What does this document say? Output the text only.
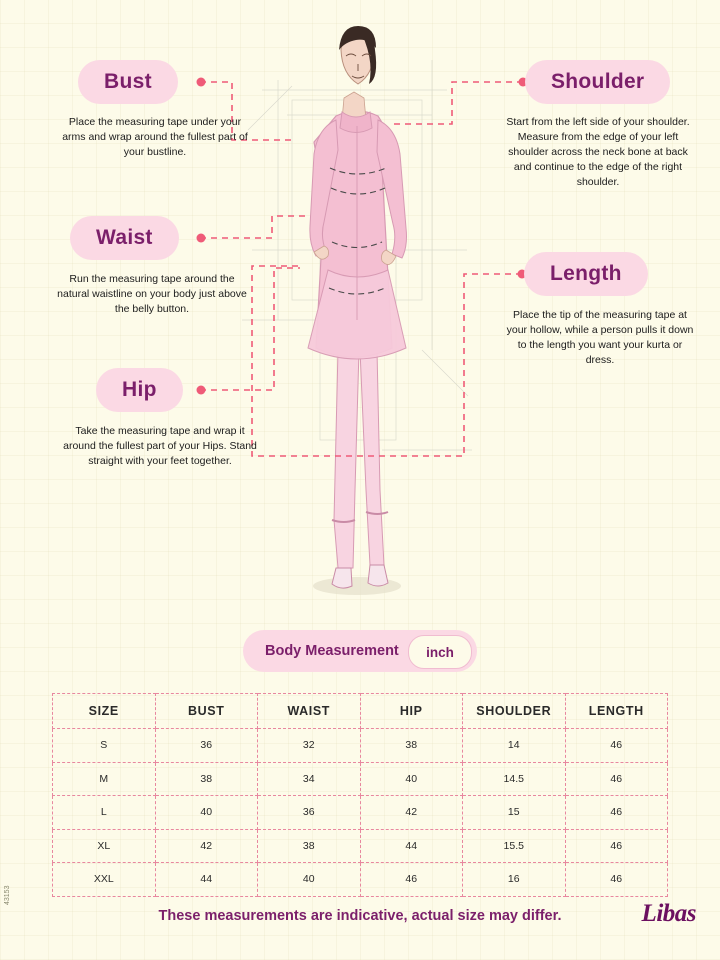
Bust
Place the measuring tape under your arms and wrap around the fullest part of your bustline.
Shoulder
Start from the left side of your shoulder. Measure from the edge of your left shoulder across the neck bone at back and continue to the edge of the right shoulder.
Waist
Run the measuring tape around the natural waistline on your body just above the belly button.
Length
Place the tip of the measuring tape at your hollow, while a person pulls it down to the length you want your kurta or dress.
Hip
Take the measuring tape and wrap it around the fullest part of your Hips. Stand straight with your feet together.
Body Measurement	inch
SIZE	BUST	WAIST	HIP	SHOULDER	LENGTH
S	36	32	38	14	46
M	38	34	40	14.5	46
L	40	36	42	15	46
XL	42	38	44	15.5	46
XXL	44	40	46	16	46
These measurements are indicative, actual size may differ.	Libas
43153
